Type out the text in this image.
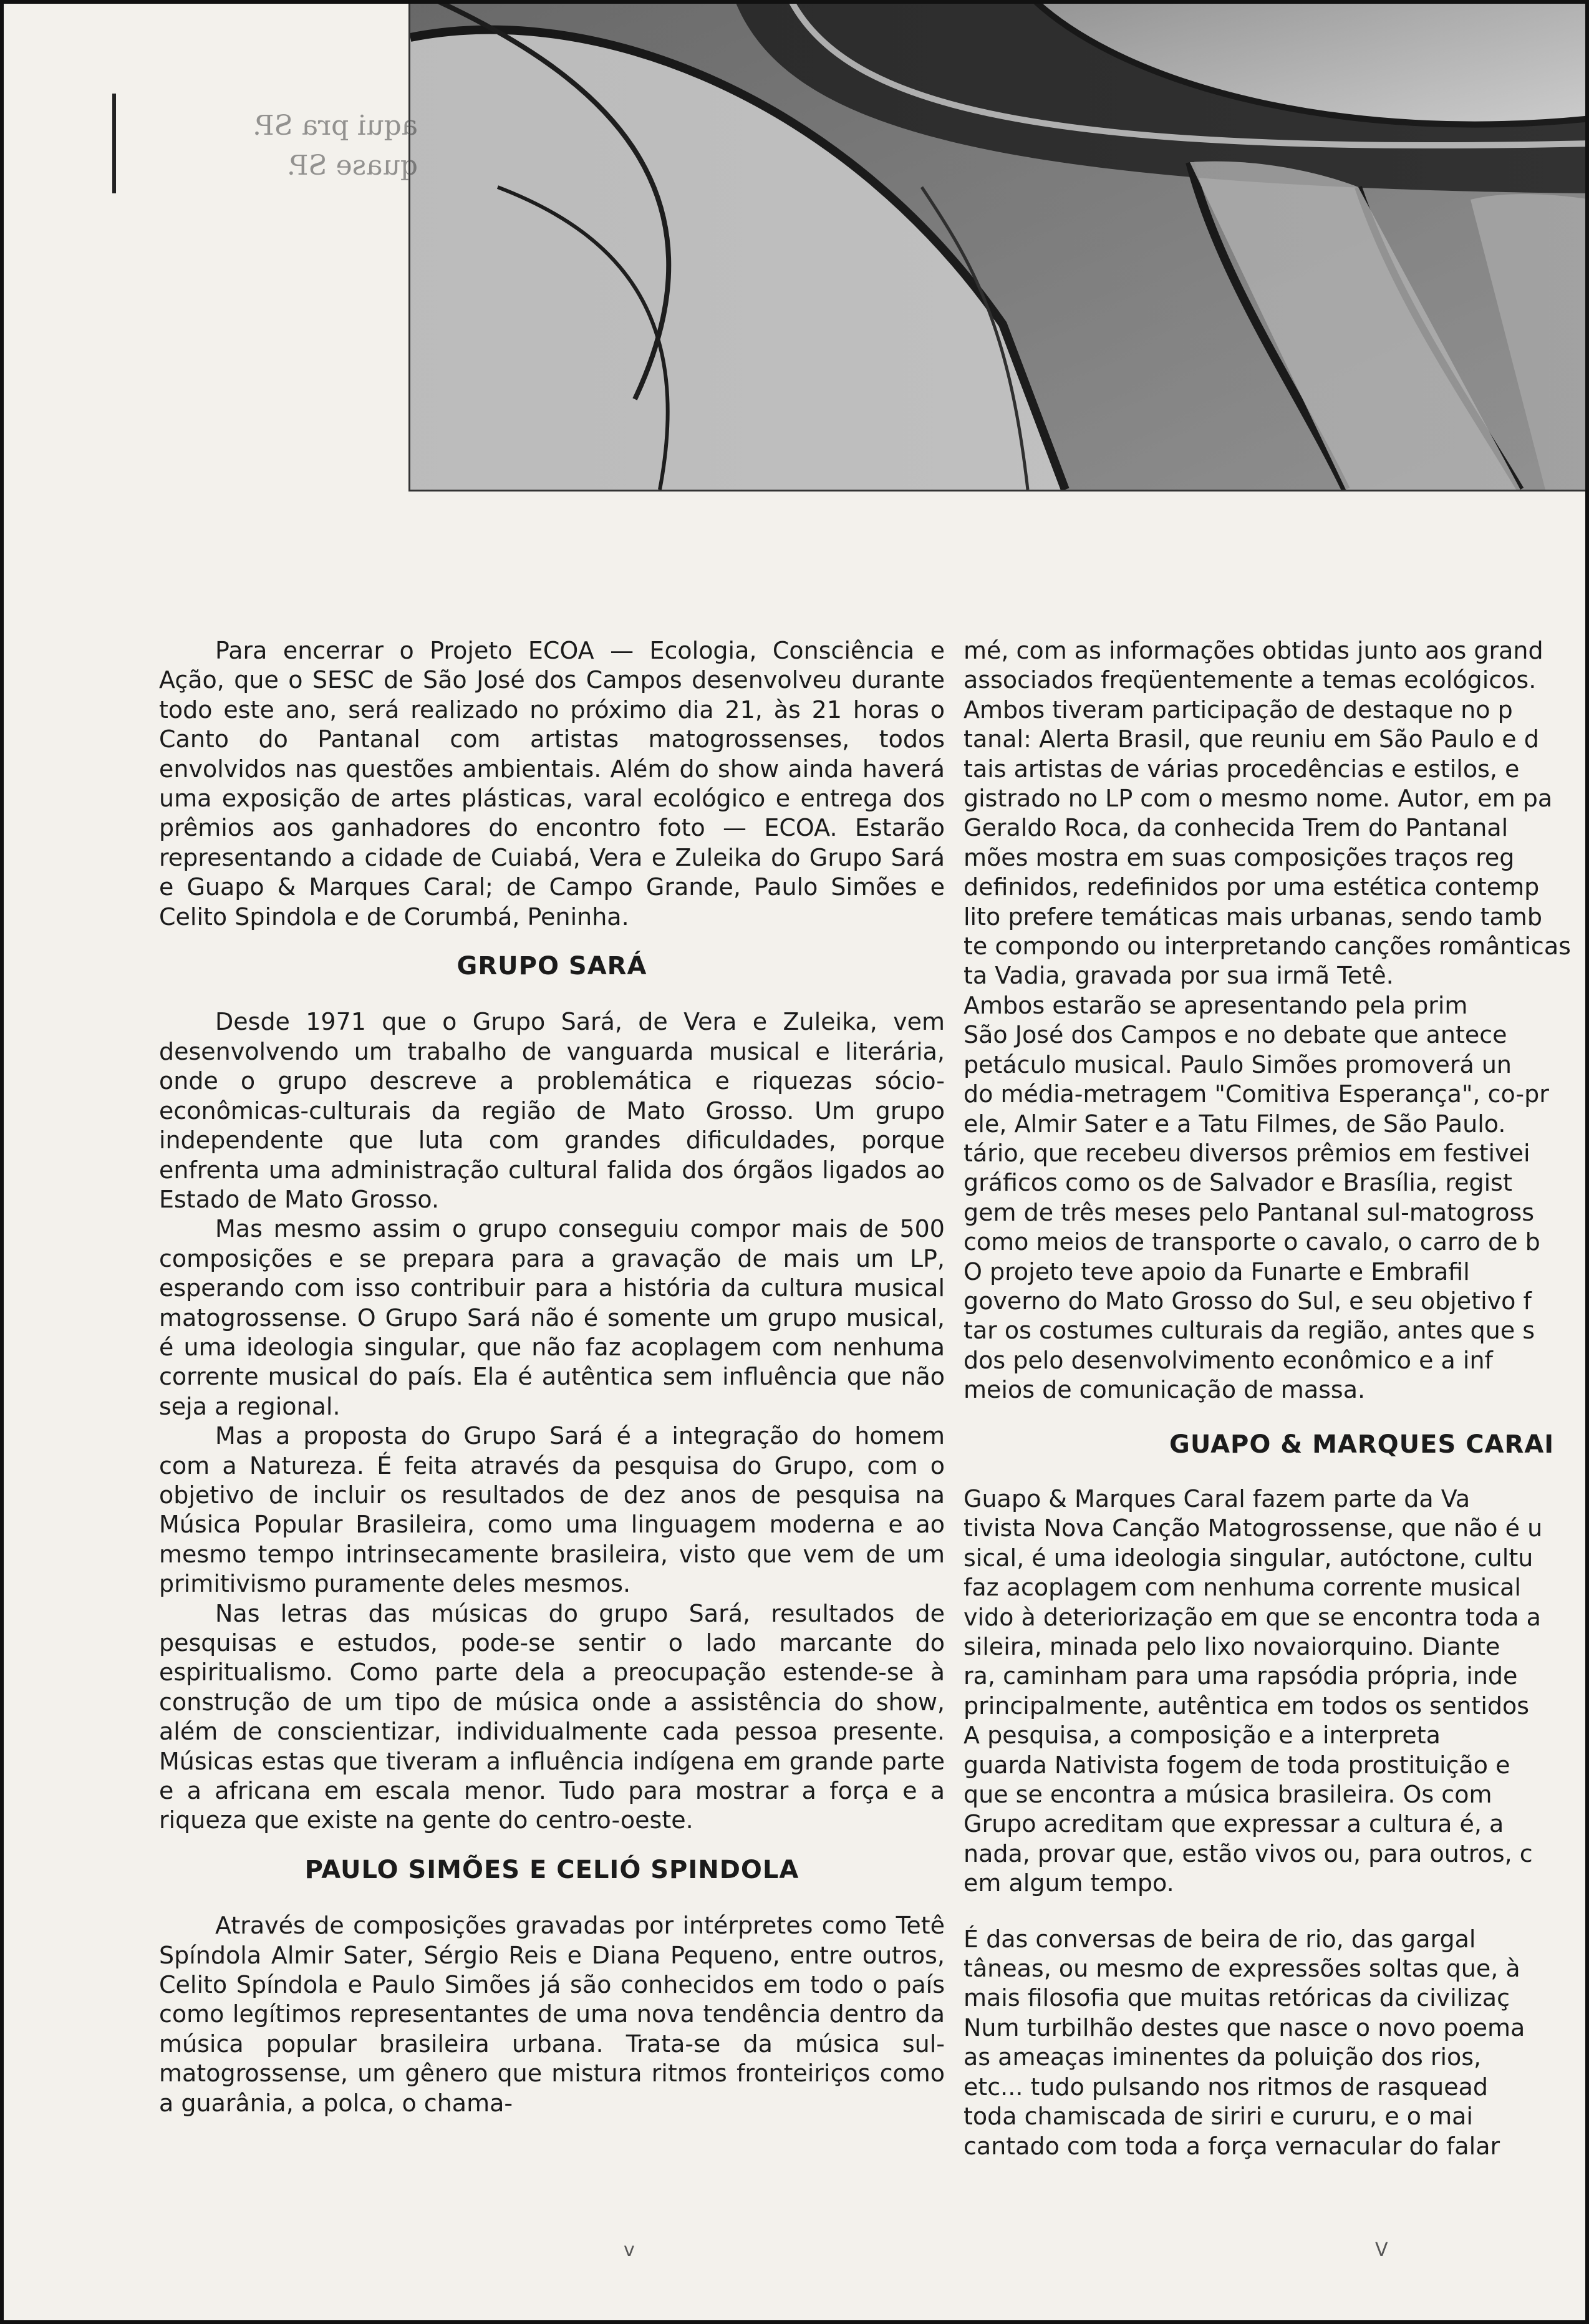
aqui pra SP.
quase SP.

Para encerrar o Projeto ECOA — Ecologia, Consciência e Ação, que o SESC de São José dos Campos desenvolveu durante todo este ano, será realizado no próximo dia 21, às 21 horas o Canto do Pantanal com artistas matogrossenses, todos envolvidos nas questões ambientais. Além do show ainda haverá uma exposição de artes plásticas, varal ecológico e entrega dos prêmios aos ganhadores do encontro foto — ECOA. Estarão representando a cidade de Cuiabá, Vera e Zuleika do Grupo Sará e Guapo & Marques Caral; de Campo Grande, Paulo Simões e Celito Spindola e de Corumbá, Peninha.

GRUPO SARÁ

Desde 1971 que o Grupo Sará, de Vera e Zuleika, vem desenvolvendo um trabalho de vanguarda musical e literária, onde o grupo descreve a problemática e riquezas sócio-econômicas-culturais da região de Mato Grosso. Um grupo independente que luta com grandes dificuldades, porque enfrenta uma administração cultural falida dos órgãos ligados ao Estado de Mato Grosso.

Mas mesmo assim o grupo conseguiu compor mais de 500 composições e se prepara para a gravação de mais um LP, esperando com isso contribuir para a história da cultura musical matogrossense. O Grupo Sará não é somente um grupo musical, é uma ideologia singular, que não faz acoplagem com nenhuma corrente musical do país. Ela é autêntica sem influência que não seja a regional.

Mas a proposta do Grupo Sará é a integração do homem com a Natureza. É feita através da pesquisa do Grupo, com o objetivo de incluir os resultados de dez anos de pesquisa na Música Popular Brasileira, como uma linguagem moderna e ao mesmo tempo intrinsecamente brasileira, visto que vem de um primitivismo puramente deles mesmos.

Nas letras das músicas do grupo Sará, resultados de pesquisas e estudos, pode-se sentir o lado marcante do espiritualismo. Como parte dela a preocupação estende-se à construção de um tipo de música onde a assistência do show, além de conscientizar, individualmente cada pessoa presente. Músicas estas que tiveram a influência indígena em grande parte e a africana em escala menor. Tudo para mostrar a força e a riqueza que existe na gente do centro-oeste.

PAULO SIMÕES E CELIÓ SPINDOLA

Através de composições gravadas por intérpretes como Tetê Spíndola Almir Sater, Sérgio Reis e Diana Pequeno, entre outros, Celito Spíndola e Paulo Simões já são conhecidos em todo o país como legítimos representantes de uma nova tendência dentro da música popular brasileira urbana. Trata-se da música sul-matogrossense, um gênero que mistura ritmos fronteiriços como a guarânia, a polca, o chama-

mé, com as informações obtidas junto aos grand

associados freqüentemente a temas ecológicos.

Ambos tiveram participação de destaque no p

tanal: Alerta Brasil, que reuniu em São Paulo e d

tais artistas de várias procedências e estilos, e

gistrado no LP com o mesmo nome. Autor, em pa

Geraldo Roca, da conhecida Trem do Pantanal

mões mostra em suas composições traços reg

definidos, redefinidos por uma estética contemp

lito prefere temáticas mais urbanas, sendo tamb

te compondo ou interpretando canções românticas

ta Vadia, gravada por sua irmã Tetê.

Ambos estarão se apresentando pela prim

São José dos Campos e no debate que antece

petáculo musical. Paulo Simões promoverá un

do média-metragem "Comitiva Esperança", co-pr

ele, Almir Sater e a Tatu Filmes, de São Paulo.

tário, que recebeu diversos prêmios em festivei

gráficos como os de Salvador e Brasília, regist

gem de três meses pelo Pantanal sul-matogross

como meios de transporte o cavalo, o carro de b

O projeto teve apoio da Funarte e Embrafil

governo do Mato Grosso do Sul, e seu objetivo f

tar os costumes culturais da região, antes que s

dos pelo desenvolvimento econômico e a inf

meios de comunicação de massa.

GUAPO & MARQUES CARAI

Guapo & Marques Caral fazem parte da Va

tivista Nova Canção Matogrossense, que não é u

sical, é uma ideologia singular, autóctone, cultu

faz acoplagem com nenhuma corrente musical

vido à deteriorização em que se encontra toda a

sileira, minada pelo lixo novaiorquino. Diante

ra, caminham para uma rapsódia própria, inde

principalmente, autêntica em todos os sentidos

A pesquisa, a composição e a interpreta

guarda Nativista fogem de toda prostituição e

que se encontra a música brasileira. Os com

Grupo acreditam que expressar a cultura é, a

nada, provar que, estão vivos ou, para outros, c

em algum tempo.

É das conversas de beira de rio, das gargal

tâneas, ou mesmo de expressões soltas que, à

mais filosofia que muitas retóricas da civilizaç

Num turbilhão destes que nasce o novo poema

as ameaças iminentes da poluição dos rios,

etc... tudo pulsando nos ritmos de rasquead

toda chamiscada de siriri e cururu, e o mai

cantado com toda a força vernacular do falar

v	V
